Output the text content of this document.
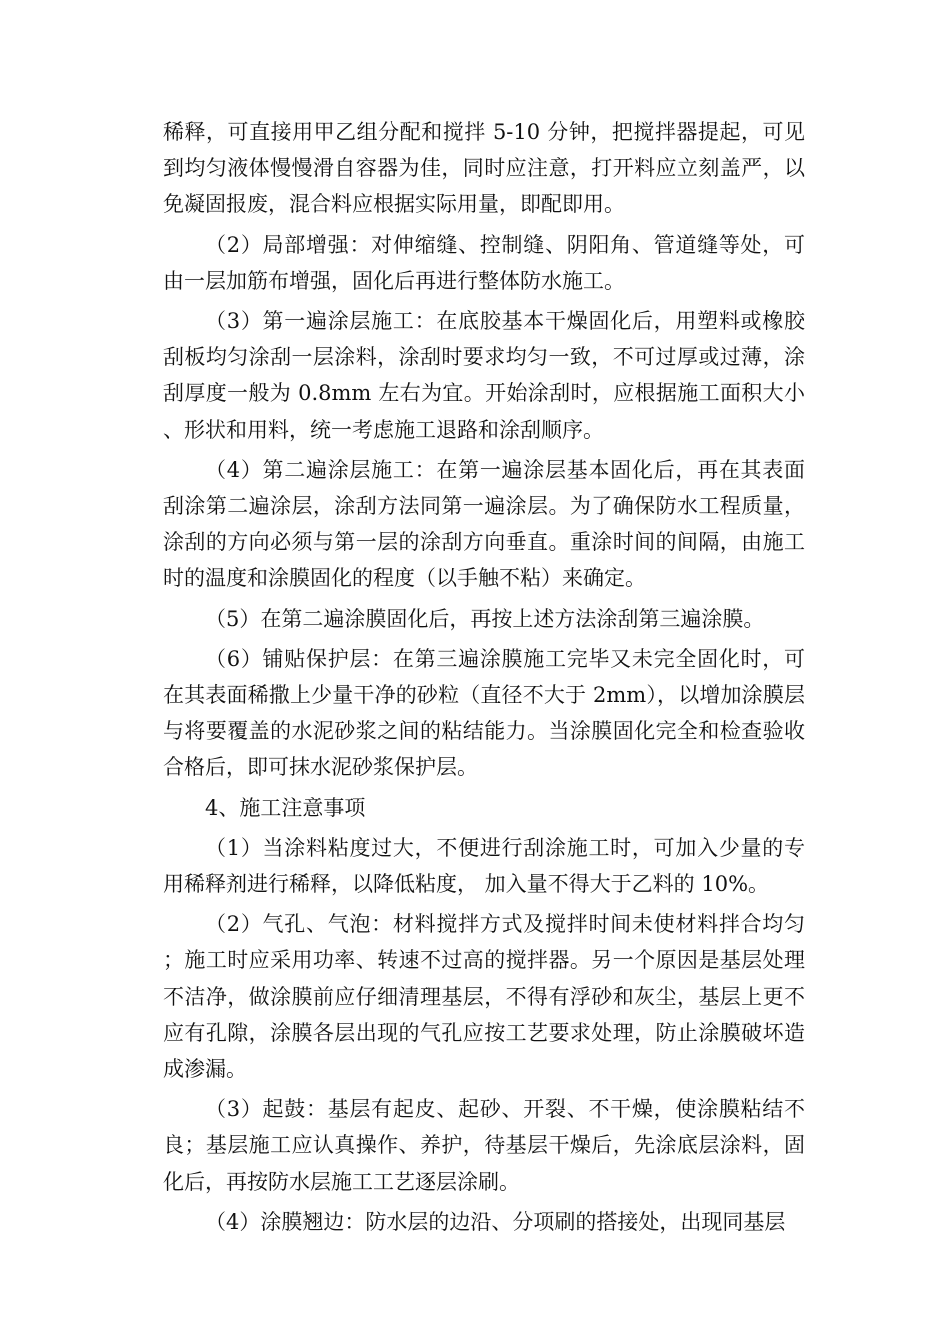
稀释，可直接用甲乙组分配和搅拌 5-10 分钟，把搅拌器提起，可见到均匀液体慢慢滑自容器为佳，同时应注意，打开料应立刻盖严，以免凝固报废，混合料应根据实际用量，即配即用。

（2）局部增强：对伸缩缝、控制缝、阴阳角、管道缝等处，可由一层加筋布增强，固化后再进行整体防水施工。

（3）第一遍涂层施工：在底胶基本干燥固化后，用塑料或橡胶刮板均匀涂刮一层涂料，涂刮时要求均匀一致，不可过厚或过薄，涂刮厚度一般为 0.8mm 左右为宜。开始涂刮时，应根据施工面积大小、形状和用料，统一考虑施工退路和涂刮顺序。

（4）第二遍涂层施工：在第一遍涂层基本固化后，再在其表面刮涂第二遍涂层，涂刮方法同第一遍涂层。为了确保防水工程质量，涂刮的方向必须与第一层的涂刮方向垂直。重涂时间的间隔，由施工时的温度和涂膜固化的程度（以手触不粘）来确定。

（5）在第二遍涂膜固化后，再按上述方法涂刮第三遍涂膜。

（6）铺贴保护层：在第三遍涂膜施工完毕又未完全固化时，可在其表面稀撒上少量干净的砂粒（直径不大于 2mm），以增加涂膜层与将要覆盖的水泥砂浆之间的粘结能力。当涂膜固化完全和检查验收合格后，即可抹水泥砂浆保护层。

4、施工注意事项

（1）当涂料粘度过大，不便进行刮涂施工时，可加入少量的专用稀释剂进行稀释，以降低粘度， 加入量不得大于乙料的 10%。

（2）气孔、气泡：材料搅拌方式及搅拌时间未使材料拌合均匀；施工时应采用功率、转速不过高的搅拌器。另一个原因是基层处理不洁净，做涂膜前应仔细清理基层，不得有浮砂和灰尘，基层上更不应有孔隙，涂膜各层出现的气孔应按工艺要求处理，防止涂膜破坏造成渗漏。

（3）起鼓：基层有起皮、起砂、开裂、不干燥，使涂膜粘结不良；基层施工应认真操作、养护，待基层干燥后，先涂底层涂料，固化后，再按防水层施工工艺逐层涂刷。

（4）涂膜翘边：防水层的边沿、分项刷的搭接处，出现同基层
